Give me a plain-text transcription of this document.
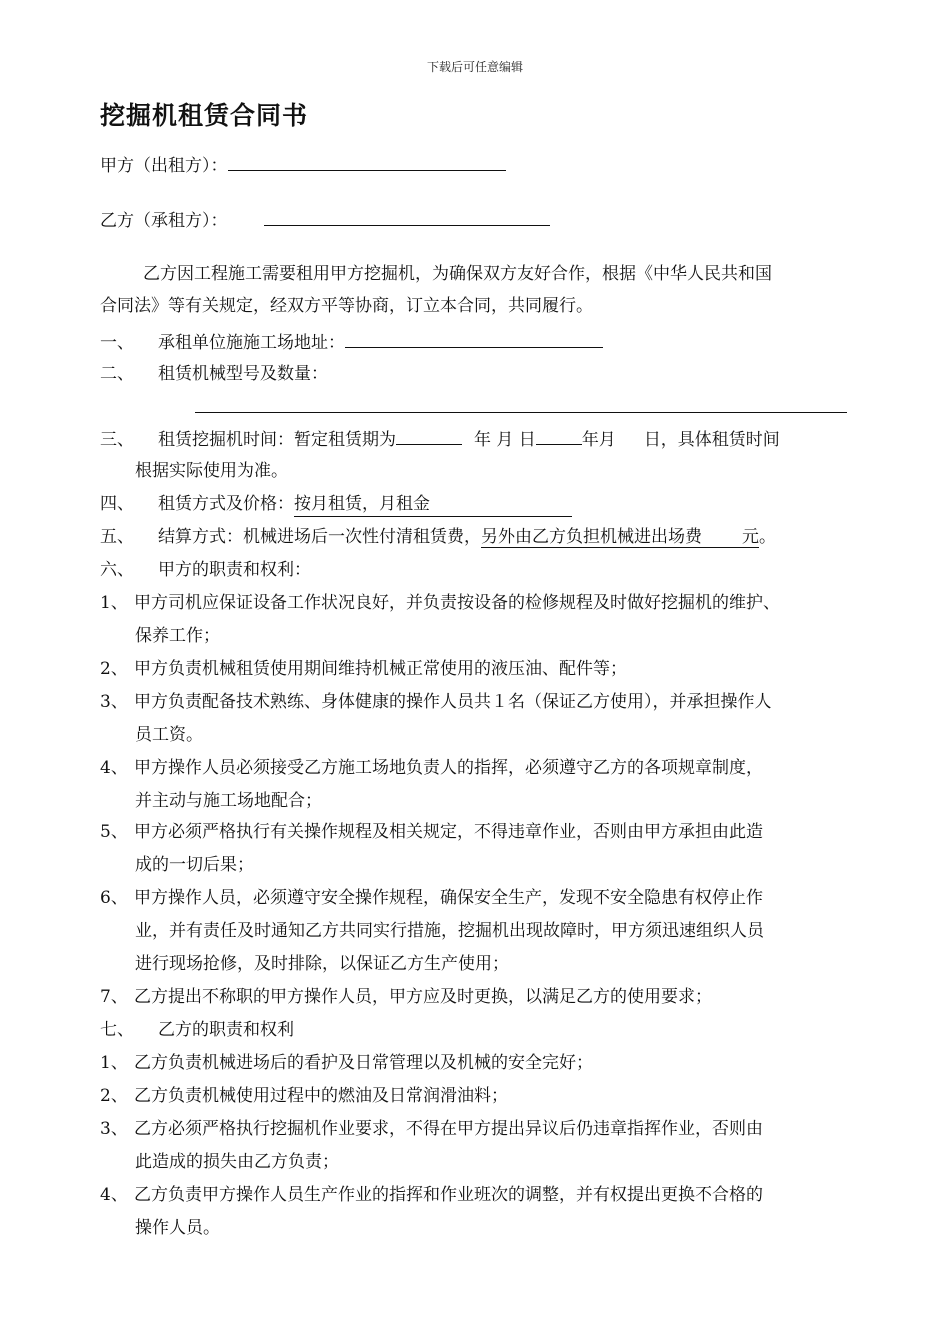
下载后可任意编辑
挖掘机租赁合同书
甲方（出租方）：
乙方（承租方）：
乙方因工程施工需要租用甲方挖掘机，为确保双方友好合作，根据《中华人民共和国
合同法》等有关规定，经双方平等协商，订立本合同，共同履行。
一、 承租单位施施工场地址：
二、 租赁机械型号及数量：
三、 租赁挖掘机时间：暂定租赁期为	年 月 日	年月 日，具体租赁时间
根据实际使用为准。
四、 租赁方式及价格：按月租赁，月租金
五、 结算方式：机械进场后一次性付清租赁费，另外由乙方负担机械进出场费 元。
六、 甲方的职责和权利：
1、 甲方司机应保证设备工作状况良好，并负责按设备的检修规程及时做好挖掘机的维护、
保养工作；
2、 甲方负责机械租赁使用期间维持机械正常使用的液压油、配件等；
3、 甲方负责配备技术熟练、身体健康的操作人员共１名（保证乙方使用），并承担操作人
员工资。
4、 甲方操作人员必须接受乙方施工场地负责人的指挥，必须遵守乙方的各项规章制度，
并主动与施工场地配合；
5、 甲方必须严格执行有关操作规程及相关规定，不得违章作业，否则由甲方承担由此造
成的一切后果；
6、 甲方操作人员，必须遵守安全操作规程，确保安全生产，发现不安全隐患有权停止作
业，并有责任及时通知乙方共同实行措施，挖掘机出现故障时，甲方须迅速组织人员
进行现场抢修，及时排除，以保证乙方生产使用；
7、 乙方提出不称职的甲方操作人员，甲方应及时更换，以满足乙方的使用要求；
七、 乙方的职责和权利
1、 乙方负责机械进场后的看护及日常管理以及机械的安全完好；
2、 乙方负责机械使用过程中的燃油及日常润滑油料；
3、 乙方必须严格执行挖掘机作业要求，不得在甲方提出异议后仍违章指挥作业，否则由
此造成的损失由乙方负责；
4、 乙方负责甲方操作人员生产作业的指挥和作业班次的调整，并有权提出更换不合格的
操作人员。
